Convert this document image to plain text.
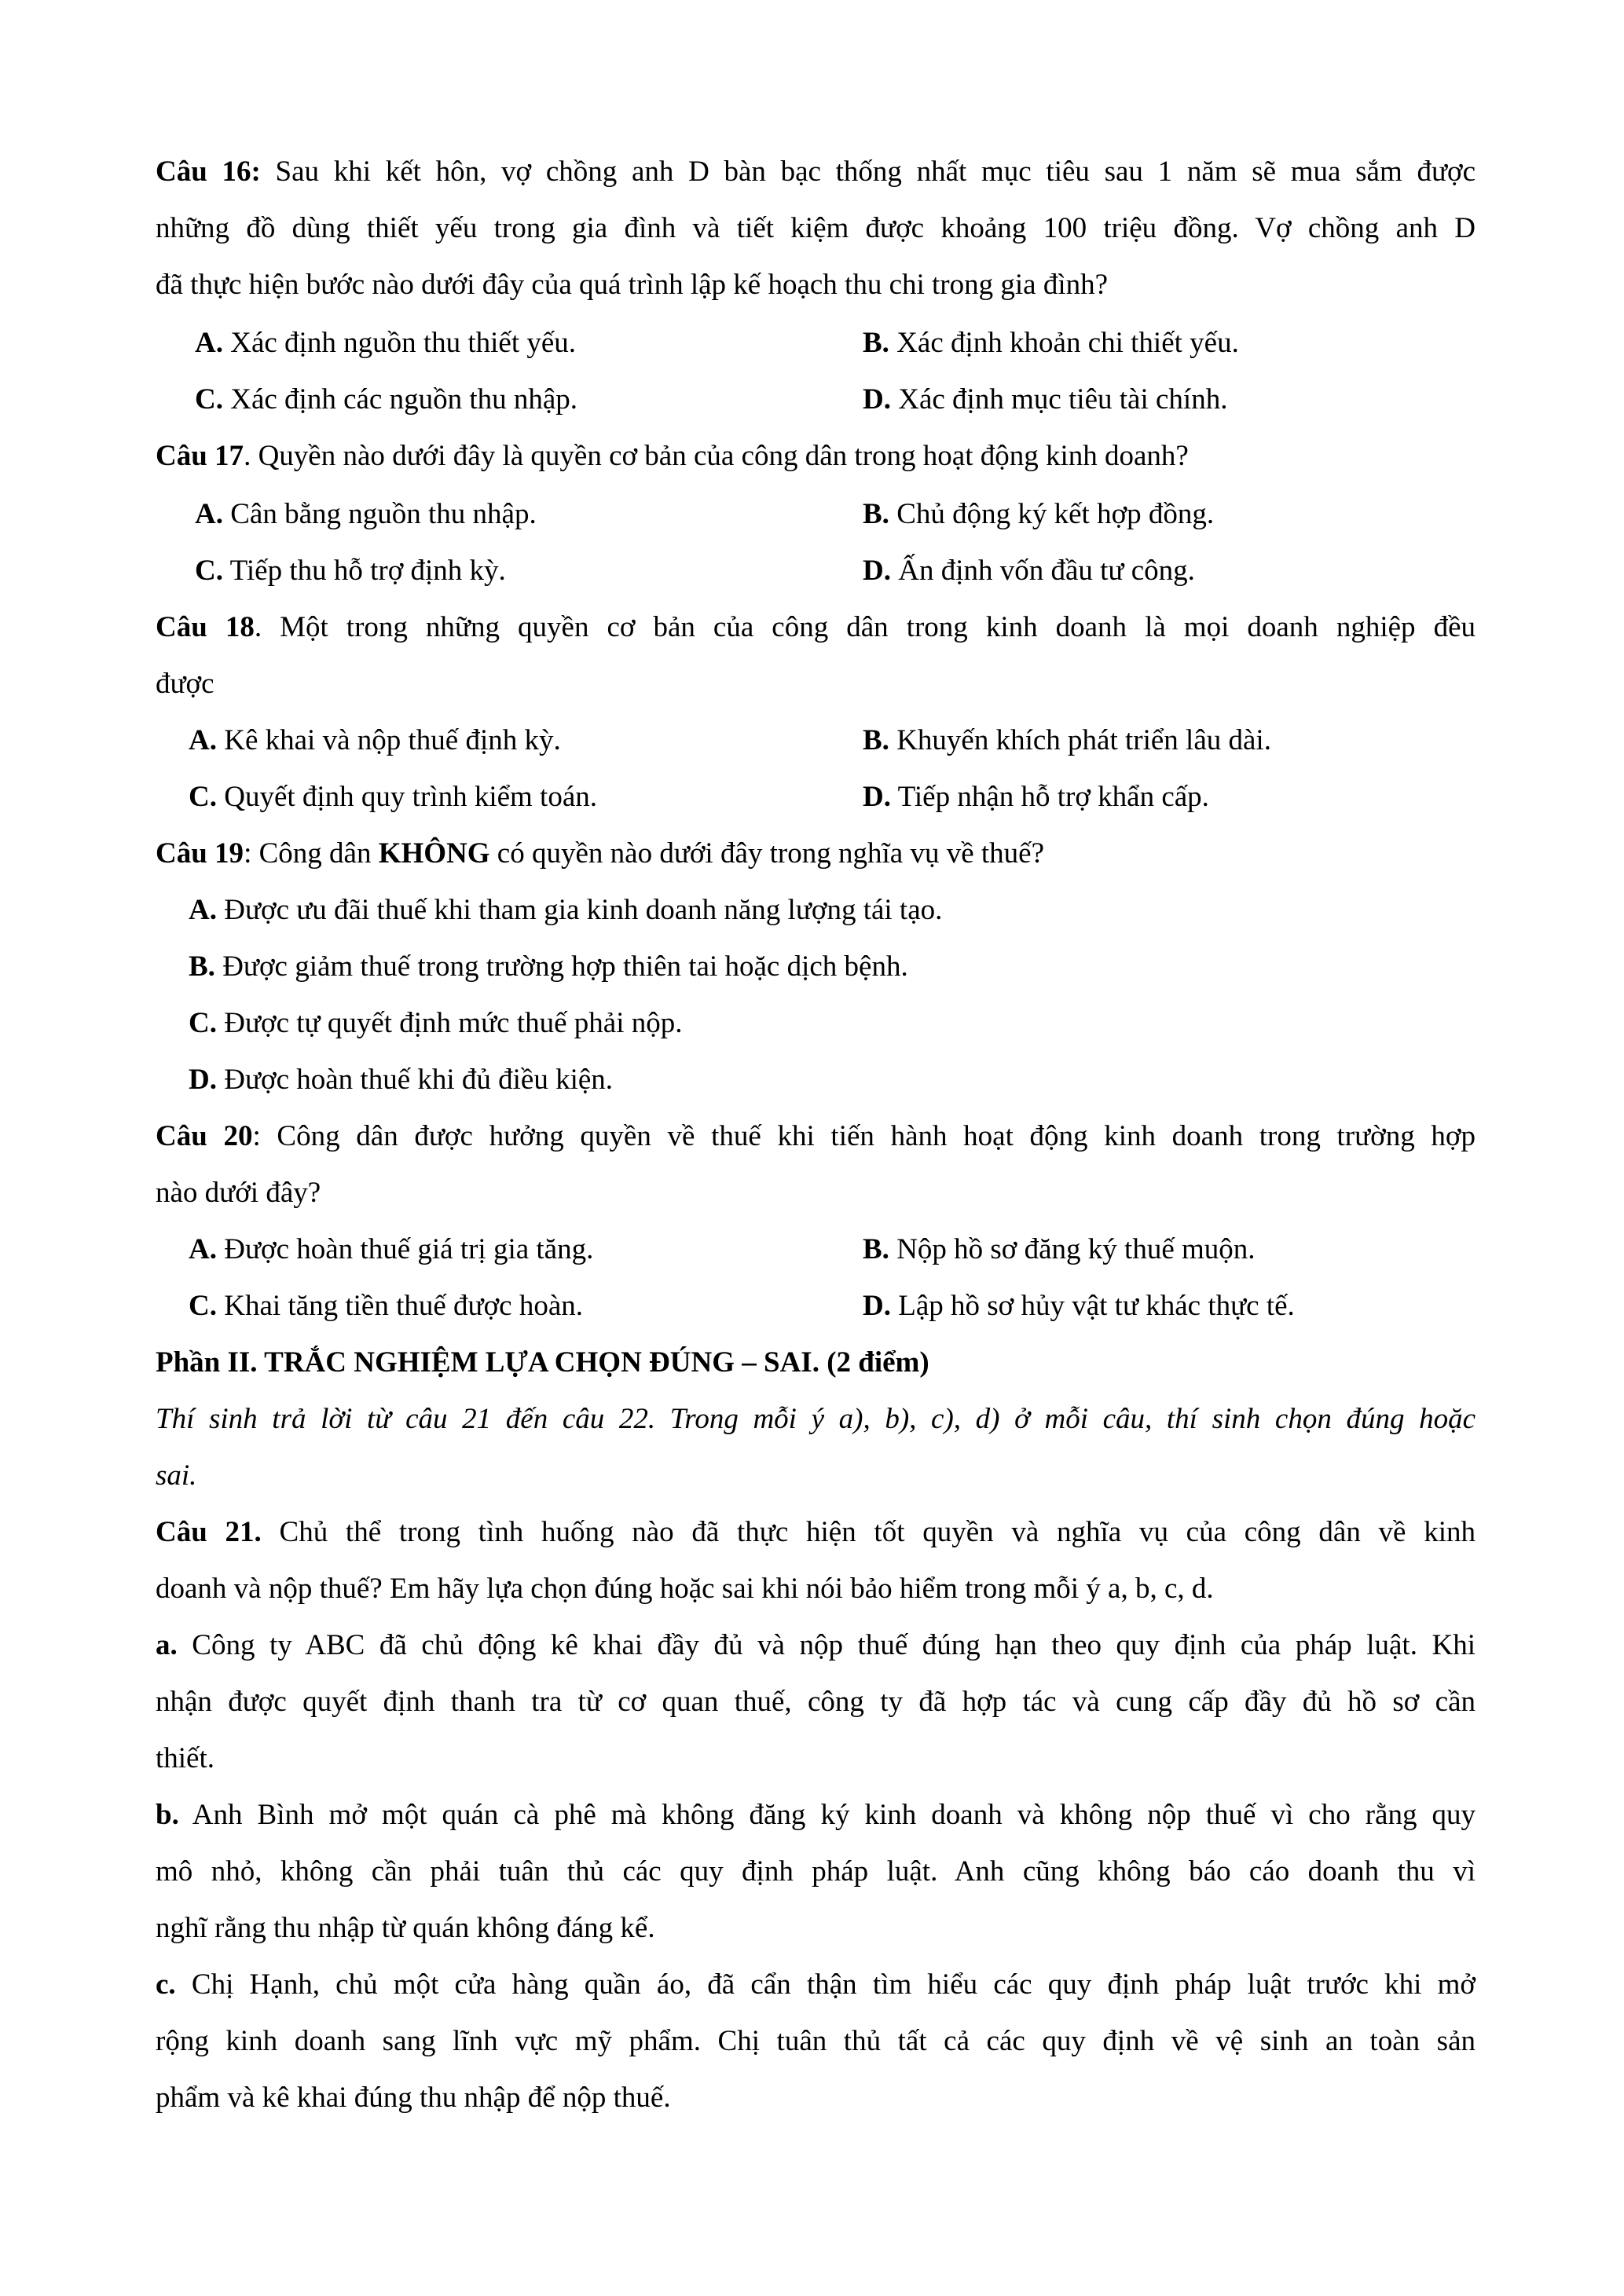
Câu 16: Sau khi kết hôn, vợ chồng anh D bàn bạc thống nhất mục tiêu sau 1 năm sẽ mua sắm được
những đồ dùng thiết yếu trong gia đình và tiết kiệm được khoảng 100 triệu đồng. Vợ chồng anh D
đã thực hiện bước nào dưới đây của quá trình lập kế hoạch thu chi trong gia đình?
A. Xác định nguồn thu thiết yếu.	B. Xác định khoản chi thiết yếu.
C. Xác định các nguồn thu nhập.	D. Xác định mục tiêu tài chính.
Câu 17. Quyền nào dưới đây là quyền cơ bản của công dân trong hoạt động kinh doanh?
A. Cân bằng nguồn thu nhập.	B. Chủ động ký kết hợp đồng.
C. Tiếp thu hỗ trợ định kỳ.	D. Ấn định vốn đầu tư công.
Câu 18. Một trong những quyền cơ bản của công dân trong kinh doanh là mọi doanh nghiệp đều
được
A. Kê khai và nộp thuế định kỳ.	B. Khuyến khích phát triển lâu dài.
C. Quyết định quy trình kiểm toán.	D. Tiếp nhận hỗ trợ khẩn cấp.
Câu 19: Công dân KHÔNG có quyền nào dưới đây trong nghĩa vụ về thuế?
A. Được ưu đãi thuế khi tham gia kinh doanh năng lượng tái tạo.
B. Được giảm thuế trong trường hợp thiên tai hoặc dịch bệnh.
C. Được tự quyết định mức thuế phải nộp.
D. Được hoàn thuế khi đủ điều kiện.
Câu 20: Công dân được hưởng quyền về thuế khi tiến hành hoạt động kinh doanh trong trường hợp
nào dưới đây?
A. Được hoàn thuế giá trị gia tăng.	B. Nộp hồ sơ đăng ký thuế muộn.
C. Khai tăng tiền thuế được hoàn.	D. Lập hồ sơ hủy vật tư khác thực tế.
Phần II. TRẮC NGHIỆM LỰA CHỌN ĐÚNG – SAI. (2 điểm)
Thí sinh trả lời từ câu 21 đến câu 22. Trong mỗi ý a), b), c), d) ở mỗi câu, thí sinh chọn đúng hoặc
sai.
Câu 21. Chủ thể trong tình huống nào đã thực hiện tốt quyền và nghĩa vụ của công dân về kinh
doanh và nộp thuế? Em hãy lựa chọn đúng hoặc sai khi nói bảo hiểm trong mỗi ý a, b, c, d.
a. Công ty ABC đã chủ động kê khai đầy đủ và nộp thuế đúng hạn theo quy định của pháp luật. Khi
nhận được quyết định thanh tra từ cơ quan thuế, công ty đã hợp tác và cung cấp đầy đủ hồ sơ cần
thiết.
b. Anh Bình mở một quán cà phê mà không đăng ký kinh doanh và không nộp thuế vì cho rằng quy
mô nhỏ, không cần phải tuân thủ các quy định pháp luật. Anh cũng không báo cáo doanh thu vì
nghĩ rằng thu nhập từ quán không đáng kể.
c. Chị Hạnh, chủ một cửa hàng quần áo, đã cẩn thận tìm hiểu các quy định pháp luật trước khi mở
rộng kinh doanh sang lĩnh vực mỹ phẩm. Chị tuân thủ tất cả các quy định về vệ sinh an toàn sản
phẩm và kê khai đúng thu nhập để nộp thuế.
